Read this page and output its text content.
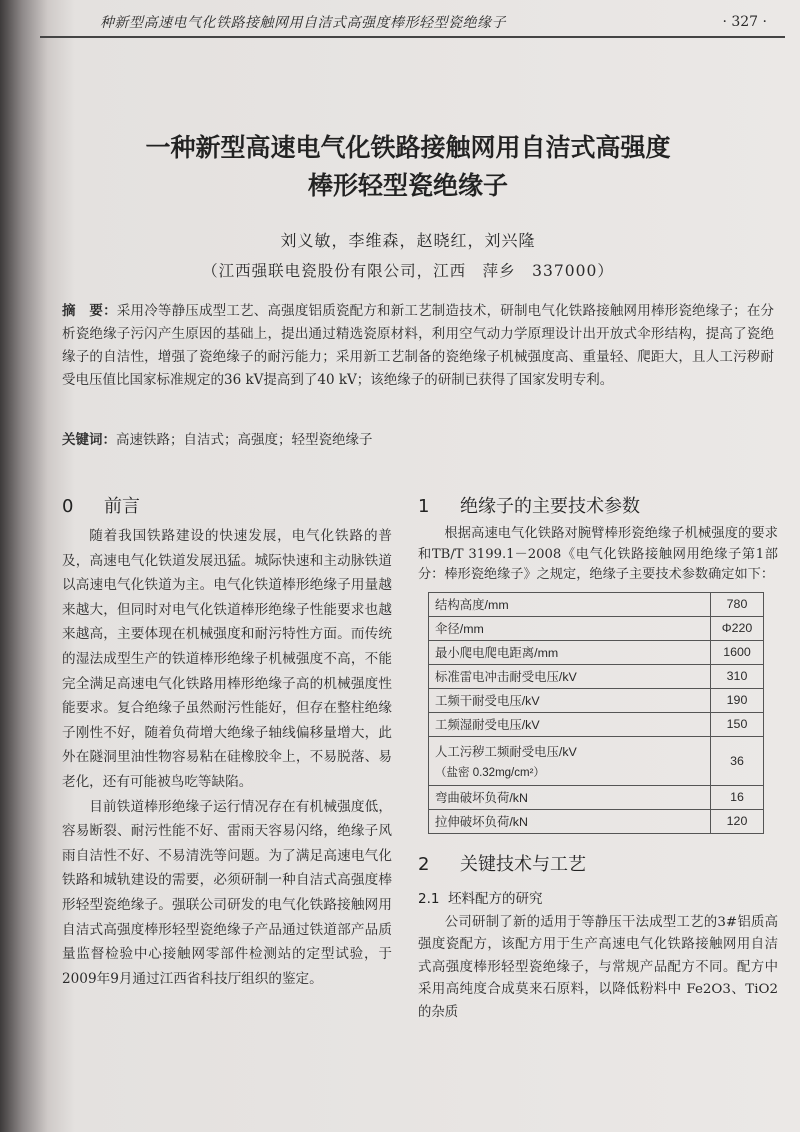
种新型高速电气化铁路接触网用自洁式高强度棒形轻型瓷绝缘子	· 327 ·
一种新型高速电气化铁路接触网用自洁式高强度
棒形轻型瓷绝缘子
刘义敏，李维森，赵晓红，刘兴隆
（江西强联电瓷股份有限公司，江西　萍乡　337000）
摘　要：采用冷等静压成型工艺、高强度铝质瓷配方和新工艺制造技术，研制电气化铁路接触网用棒形瓷绝缘子；在分析瓷绝缘子污闪产生原因的基础上，提出通过精选瓷原材料，利用空气动力学原理设计出开放式伞形结构，提高了瓷绝缘子的自洁性，增强了瓷绝缘子的耐污能力；采用新工艺制备的瓷绝缘子机械强度高、重量轻、爬距大，且人工污秽耐受电压值比国家标准规定的36 kV提高到了40 kV；该绝缘子的研制已获得了国家发明专利。
关键词：高速铁路；自洁式；高强度；轻型瓷绝缘子
0 前言

随着我国铁路建设的快速发展，电气化铁路的普及，高速电气化铁道发展迅猛。城际快速和主动脉铁道以高速电气化铁道为主。电气化铁道棒形绝缘子用量越来越大，但同时对电气化铁道棒形绝缘子性能要求也越来越高，主要体现在机械强度和耐污特性方面。而传统的湿法成型生产的铁道棒形绝缘子机械强度不高，不能完全满足高速电气化铁路用棒形绝缘子高的机械强度性能要求。复合绝缘子虽然耐污性能好，但存在整柱绝缘子刚性不好，随着负荷增大绝缘子轴线偏移量增大，此外在隧洞里油性物容易粘在硅橡胶伞上，不易脱落、易老化，还有可能被鸟吃等缺陷。

目前铁道棒形绝缘子运行情况存在有机械强度低，容易断裂、耐污性能不好、雷雨天容易闪络，绝缘子风雨自洁性不好、不易清洗等问题。为了满足高速电气化铁路和城轨建设的需要，必须研制一种自洁式高强度棒形轻型瓷绝缘子。强联公司研发的电气化铁路接触网用自洁式高强度棒形轻型瓷绝缘子产品通过铁道部产品质量监督检验中心接触网零部件检测站的定型试验，于2009年9月通过江西省科技厅组织的鉴定。

1 绝缘子的主要技术参数

根据高速电气化铁路对腕臂棒形瓷绝缘子机械强度的要求和TB/T 3199.1－2008《电气化铁路接触网用绝缘子第1部分：棒形瓷绝缘子》之规定，绝缘子主要技术参数确定如下：

结构高度/mm	780
伞径/mm	Φ220
最小爬电爬电距离/mm	1600
标准雷电冲击耐受电压/kV	310
工频干耐受电压/kV	190
工频湿耐受电压/kV	150
人工污秽工频耐受电压/kV
（盐密 0.32mg/cm²）	36
弯曲破坏负荷/kN	16
拉伸破坏负荷/kN	120
2 关键技术与工艺
2.1 坯料配方的研究

公司研制了新的适用于等静压干法成型工艺的3#铝质高强度瓷配方，该配方用于生产高速电气化铁路接触网用自洁式高强度棒形轻型瓷绝缘子，与常规产品配方不同。配方中采用高纯度合成莫来石原料，以降低粉料中 Fe2O3、TiO2 的杂质
